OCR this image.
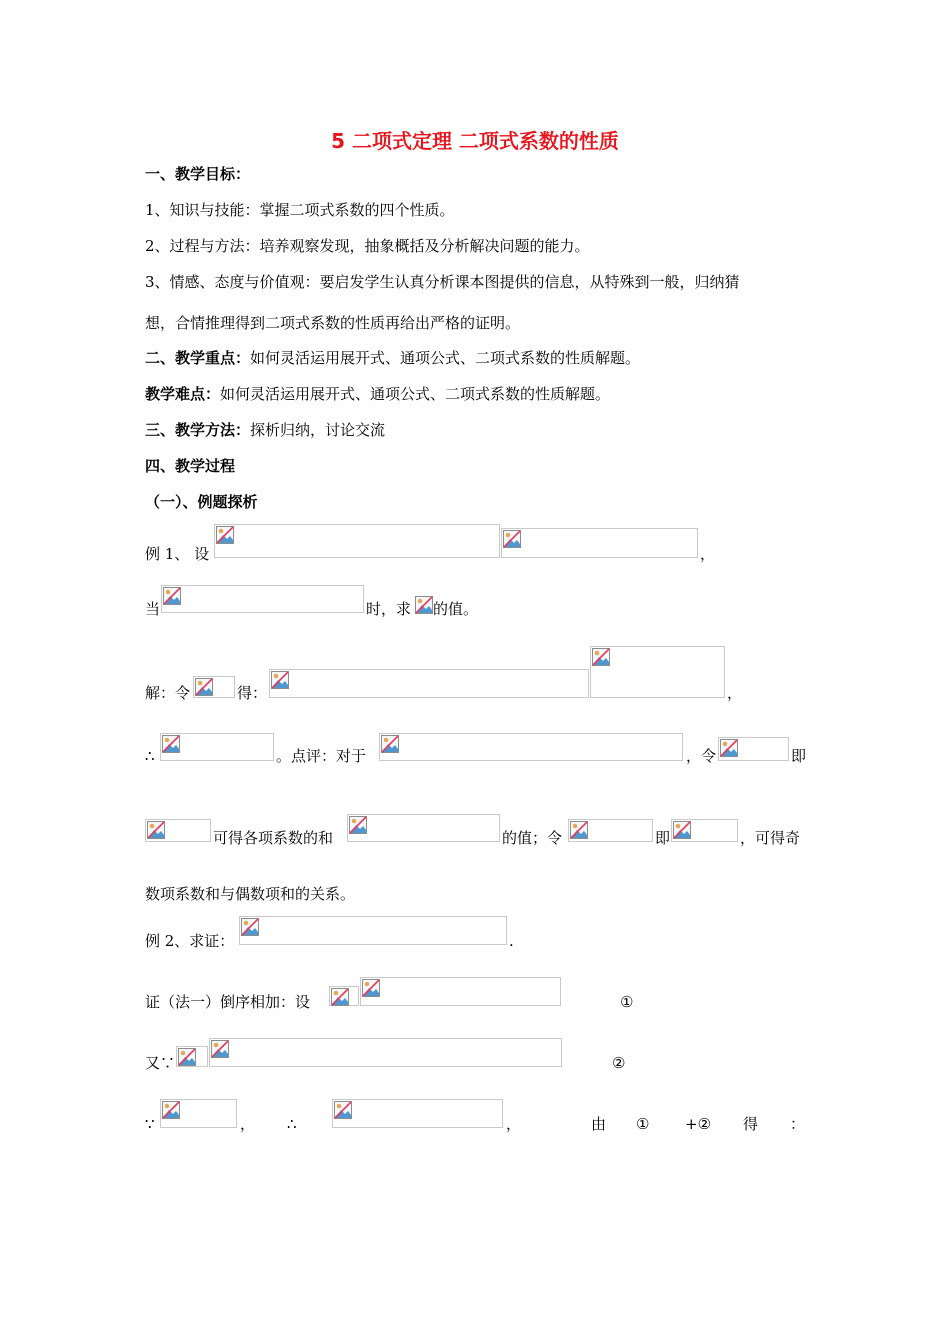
5 二项式定理 二项式系数的性质
一、教学目标：
1、知识与技能：掌握二项式系数的四个性质。
2、过程与方法：培养观察发现，抽象概括及分析解决问题的能力。
3、情感、态度与价值观：要启发学生认真分析课本图提供的信息，从特殊到一般，归纳猜
想，合情推理得到二项式系数的性质再给出严格的证明。
二、教学重点：如何灵活运用展开式、通项公式、二项式系数的性质解题。
教学难点：如何灵活运用展开式、通项公式、二项式系数的性质解题。
三、教学方法：探析归纳，讨论交流
四、教学过程
（一）、例题探析
例 1、 设	，
当	时，求 的值。
解：令	得：	，
∴	。点评：对于	，令	即
可得各项系数的和	的值；令	即	，可得奇
数项系数和与偶数项和的关系。
例 2、求证：	.
证（法一）倒序相加：设	①
又∵	②
∵	， ∴	，	由 ① +② 得 ：
